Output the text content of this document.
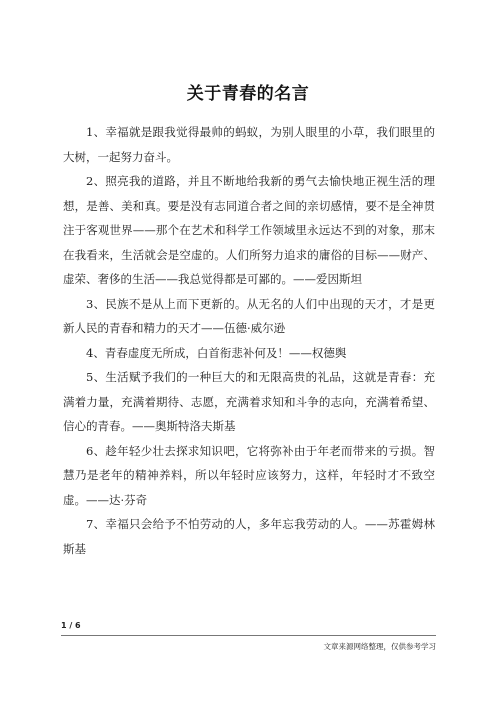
关于青春的名言

1、幸福就是跟我觉得最帅的蚂蚁，为别人眼里的小草，我们眼里的大树，一起努力奋斗。

2、照亮我的道路，并且不断地给我新的勇气去愉快地正视生活的理想，是善、美和真。要是没有志同道合者之间的亲切感情，要不是全神贯注于客观世界——那个在艺术和科学工作领域里永远达不到的对象，那末在我看来，生活就会是空虚的。人们所努力追求的庸俗的目标——财产、虚荣、奢侈的生活——我总觉得都是可鄙的。——爱因斯坦

3、民族不是从上而下更新的。从无名的人们中出现的天才，才是更新人民的青春和精力的天才——伍德·威尔逊

4、青春虚度无所成，白首衔悲补何及！——权德舆

5、生活赋予我们的一种巨大的和无限高贵的礼品，这就是青春：充满着力量，充满着期待、志愿，充满着求知和斗争的志向，充满着希望、信心的青春。——奥斯特洛夫斯基

6、趁年轻少壮去探求知识吧，它将弥补由于年老而带来的亏损。智慧乃是老年的精神养料，所以年轻时应该努力，这样，年轻时才不致空虚。——达·芬奇

7、幸福只会给予不怕劳动的人，多年忘我劳动的人。——苏霍姆林斯基

1 / 6
文章来源网络整理，仅供参考学习
